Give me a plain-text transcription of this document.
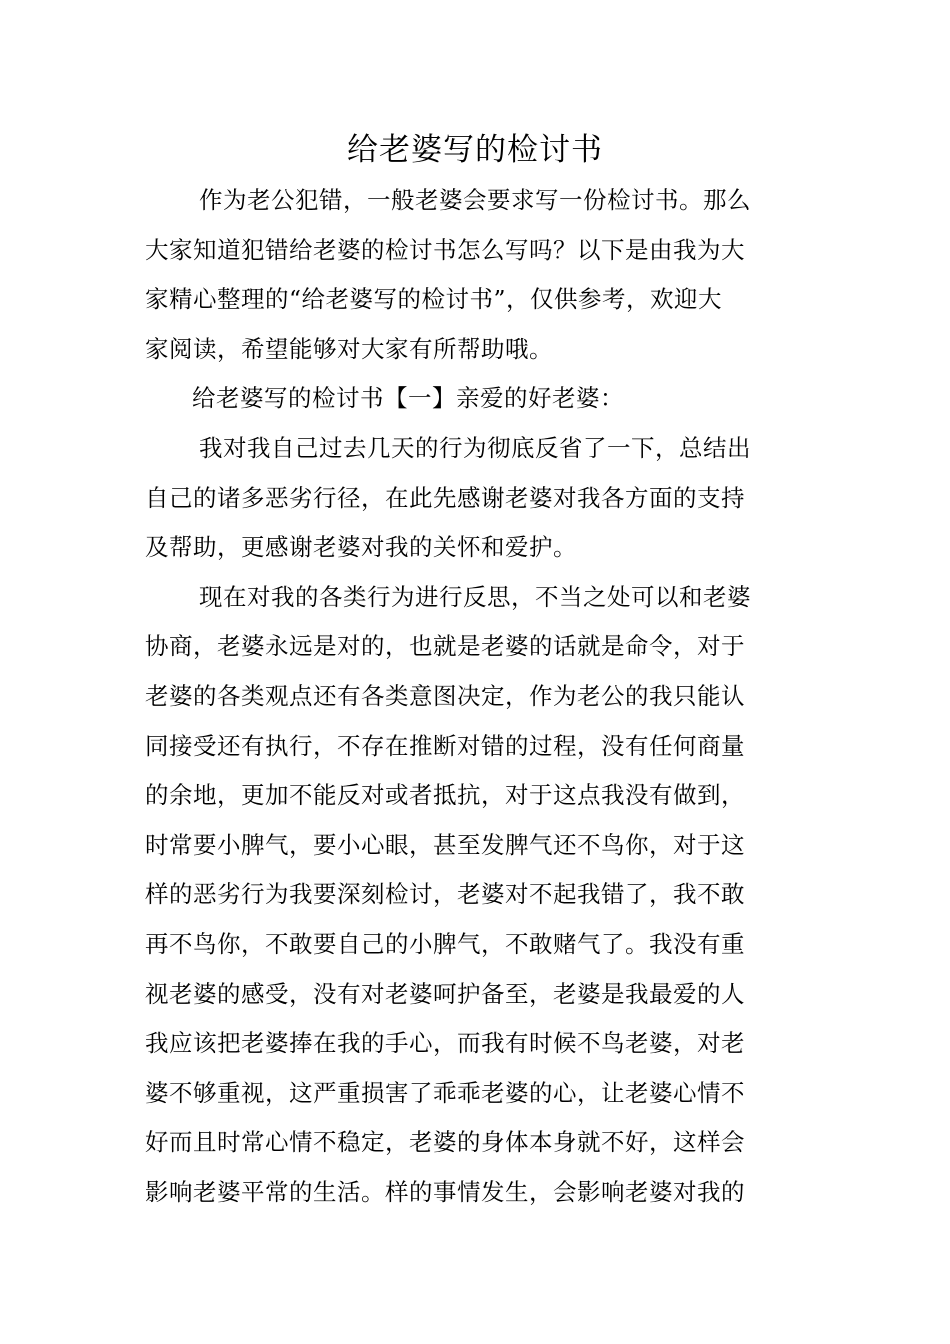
给老婆写的检讨书
作为老公犯错，一般老婆会要求写一份检讨书。那么
大家知道犯错给老婆的检讨书怎么写吗？以下是由我为大
家精心整理的“给老婆写的检讨书”，仅供参考，欢迎大
家阅读，希望能够对大家有所帮助哦。
给老婆写的检讨书【一】亲爱的好老婆：
我对我自己过去几天的行为彻底反省了一下，总结出
自己的诸多恶劣行径，在此先感谢老婆对我各方面的支持
及帮助，更感谢老婆对我的关怀和爱护。
现在对我的各类行为进行反思，不当之处可以和老婆
协商，老婆永远是对的，也就是老婆的话就是命令，对于
老婆的各类观点还有各类意图决定，作为老公的我只能认
同接受还有执行，不存在推断对错的过程，没有任何商量
的余地，更加不能反对或者抵抗，对于这点我没有做到，
时常要小脾气，要小心眼，甚至发脾气还不鸟你，对于这
样的恶劣行为我要深刻检讨，老婆对不起我错了，我不敢
再不鸟你，不敢要自己的小脾气，不敢赌气了。我没有重
视老婆的感受，没有对老婆呵护备至，老婆是我最爱的人
我应该把老婆捧在我的手心，而我有时候不鸟老婆，对老
婆不够重视，这严重损害了乖乖老婆的心，让老婆心情不
好而且时常心情不稳定，老婆的身体本身就不好，这样会
影响老婆平常的生活。样的事情发生，会影响老婆对我的
